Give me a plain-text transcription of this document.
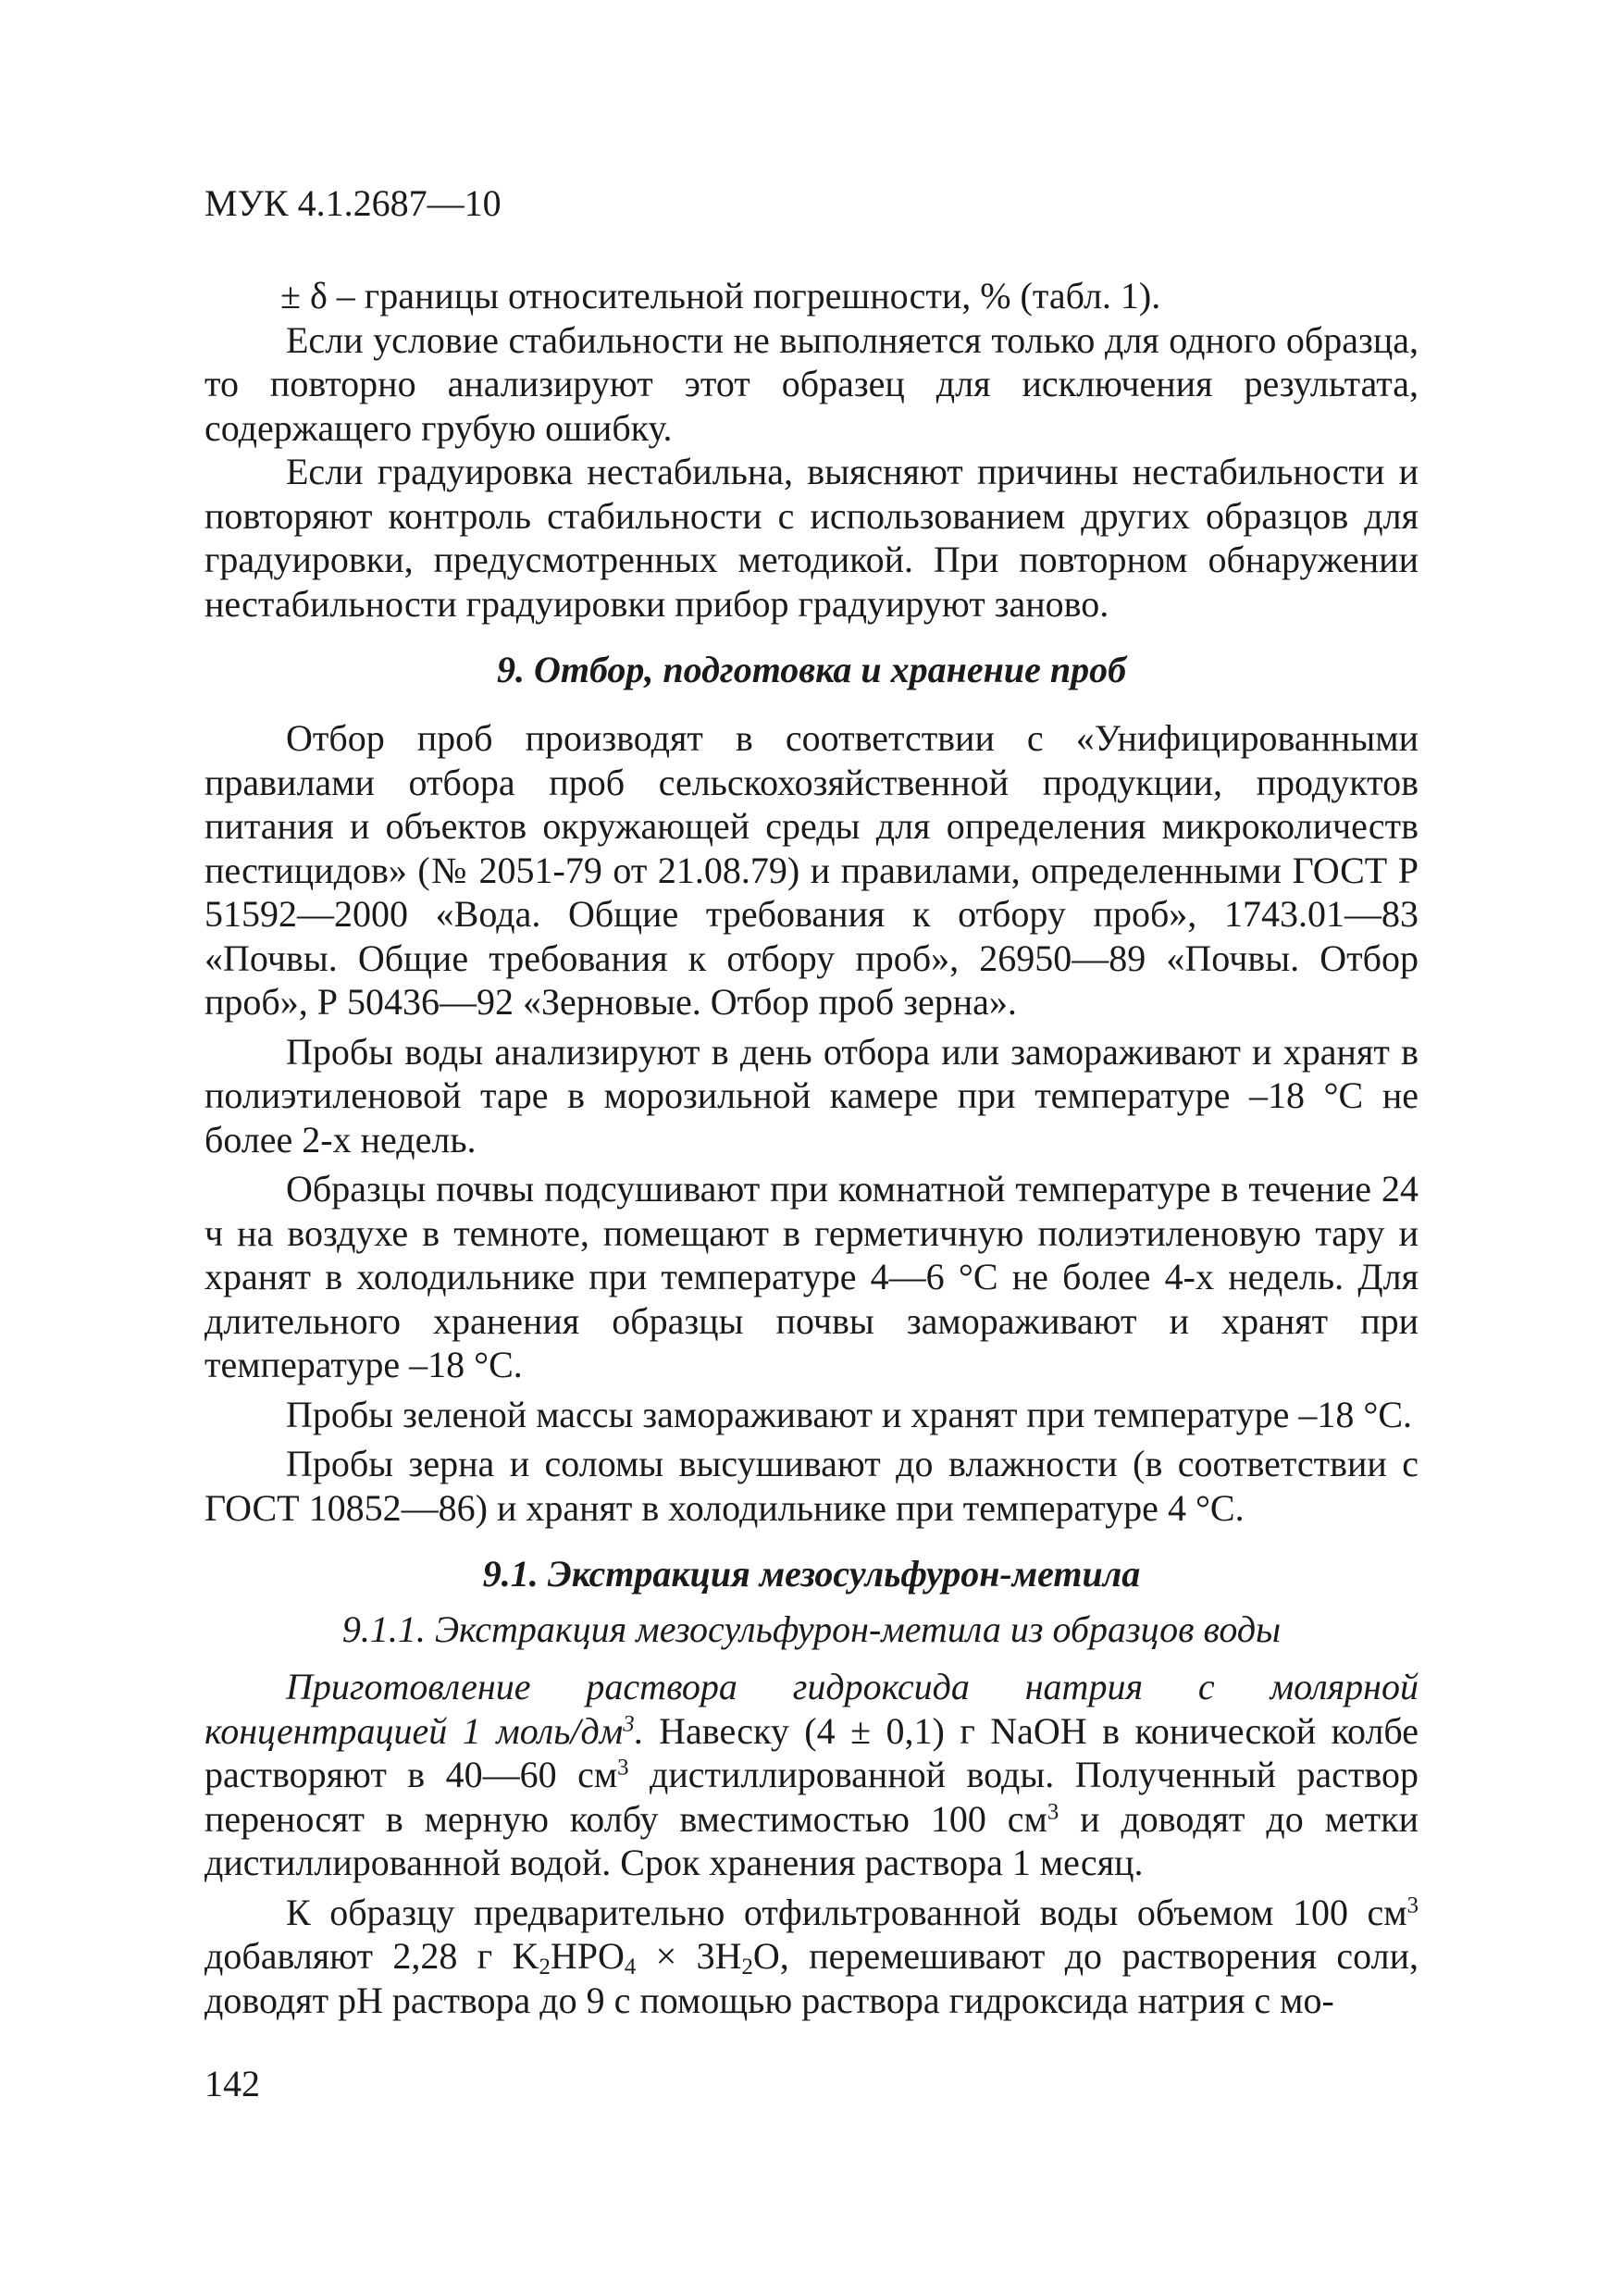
МУК 4.1.2687—10

± δ – границы относительной погрешности, % (табл. 1).

Если условие стабильности не выполняется только для одного образца, то повторно анализируют этот образец для исключения результата, содержащего грубую ошибку.

Если градуировка нестабильна, выясняют причины нестабильности и повторяют контроль стабильности с использованием других образцов для градуировки, предусмотренных методикой. При повторном обнаружении нестабильности градуировки прибор градуируют заново.

9. Отбор, подготовка и хранение проб

Отбор проб производят в соответствии с «Унифицированными правилами отбора проб сельскохозяйственной продукции, продуктов питания и объектов окружающей среды для определения микроколичеств пестицидов» (№ 2051-79 от 21.08.79) и правилами, определенными ГОСТ Р 51592—2000 «Вода. Общие требования к отбору проб», 1743.01—83 «Почвы. Общие требования к отбору проб», 26950—89 «Почвы. Отбор проб», Р 50436—92 «Зерновые. Отбор проб зерна».

Пробы воды анализируют в день отбора или замораживают и хранят в полиэтиленовой таре в морозильной камере при температуре –18 °С не более 2-х недель.

Образцы почвы подсушивают при комнатной температуре в течение 24 ч на воздухе в темноте, помещают в герметичную полиэтиленовую тару и хранят в холодильнике при температуре 4—6 °С не более 4-х недель. Для длительного хранения образцы почвы замораживают и хранят при температуре –18 °С.

Пробы зеленой массы замораживают и хранят при температуре –18 °С.

Пробы зерна и соломы высушивают до влажности (в соответствии с ГОСТ 10852—86) и хранят в холодильнике при температуре 4 °С.

9.1. Экстракция мезосульфурон-метила
9.1.1. Экстракция мезосульфурон-метила из образцов воды

Приготовление раствора гидроксида натрия с молярной концентрацией 1 моль/$дм^3$. Навеску (4 ± 0,1) г NaOH в конической колбе растворяют в 40—60 $см^3$ дистиллированной воды. Полученный раствор переносят в мерную колбу вместимостью 100 $см^3$ и доводят до метки дистиллированной водой. Срок хранения раствора 1 месяц.

К образцу предварительно отфильтрованной воды объемом 100 $см^3$ добавляют 2,28 г $K_2HPO_4 \times 3H_2O$, перемешивают до растворения соли, доводят pH раствора до 9 с помощью раствора гидроксида натрия с мо-

142
